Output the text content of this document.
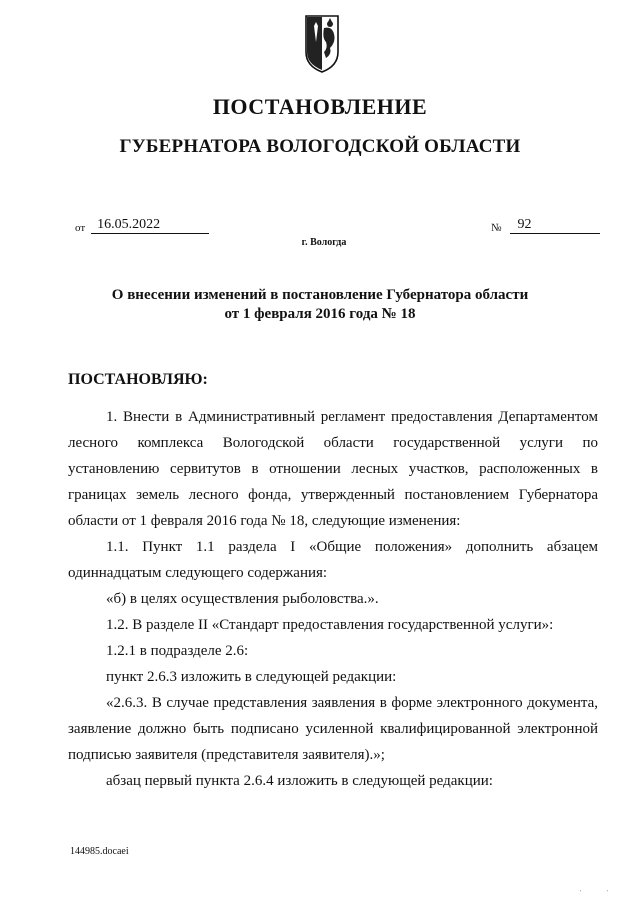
ПОСТАНОВЛЕНИЕ
ГУБЕРНАТОРА ВОЛОГОДСКОЙ ОБЛАСТИ
от 16.05.2022	№	92
г. Вологда
О внесении изменений в постановление Губернатора области
от 1 февраля 2016 года № 18
ПОСТАНОВЛЯЮ:

1. Внести в Административный регламент предоставления Департаментом лесного комплекса Вологодской области государственной услуги по установлению сервитутов в отношении лесных участков, расположенных в границах земель лесного фонда, утвержденный постановлением Губернатора области от 1 февраля 2016 года № 18, следующие изменения:

1.1. Пункт 1.1 раздела I «Общие положения» дополнить абзацем одиннадцатым следующего содержания:

«б) в целях осуществления рыболовства.».

1.2. В разделе II «Стандарт предоставления государственной услуги»:

1.2.1 в подразделе 2.6:

пункт 2.6.3 изложить в следующей редакции:

«2.6.3. В случае представления заявления в форме электронного документа, заявление должно быть подписано усиленной квалифицированной электронной подписью заявителя (представителя заявителя).»;

абзац первый пункта 2.6.4 изложить в следующей редакции:

144985.docaei
' '
